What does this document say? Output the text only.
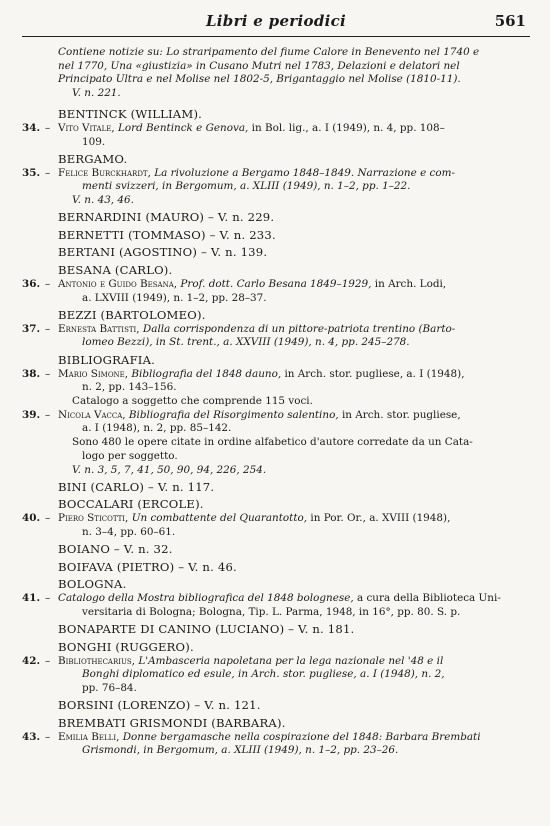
Libri e periodici	561
Contiene notizie su: Lo straripamento del fiume Calore in Benevento nel 1740 e
nel 1770, Una «giustizia» in Cusano Mutri nel 1783, Delazioni e delatori nel
Principato Ultra e nel Molise nel 1802-5, Brigantaggio nel Molise (1810-11).
V. n. 221.
BENTINCK (WILLIAM).
34. – Vito Vitale, Lord Bentinck e Genova, in Bol. lig., a. I (1949), n. 4, pp. 108–
109.
BERGAMO.
35. – Felice Burckhardt, La rivoluzione a Bergamo 1848–1849. Narrazione e com-
menti svizzeri, in Bergomum, a. XLIII (1949), n. 1–2, pp. 1–22.
V. n. 43, 46.
BERNARDINI (MAURO) – V. n. 229.
BERNETTI (TOMMASO) – V. n. 233.
BERTANI (AGOSTINO) – V. n. 139.
BESANA (CARLO).
36. – Antonio e Guido Besana, Prof. dott. Carlo Besana 1849–1929, in Arch. Lodi,
a. LXVIII (1949), n. 1–2, pp. 28–37.
BEZZI (BARTOLOMEO).
37. – Ernesta Battisti, Dalla corrispondenza di un pittore-patriota trentino (Barto-
lomeo Bezzi), in St. trent., a. XXVIII (1949), n. 4, pp. 245–278.
BIBLIOGRAFIA.
38. – Mario Simone, Bibliografia del 1848 dauno, in Arch. stor. pugliese, a. I (1948),
n. 2, pp. 143–156.
Catalogo a soggetto che comprende 115 voci.
39. – Nicola Vacca, Bibliografia del Risorgimento salentino, in Arch. stor. pugliese,
a. I (1948), n. 2, pp. 85–142.
Sono 480 le opere citate in ordine alfabetico d'autore corredate da un Cata-
logo per soggetto.
V. n. 3, 5, 7, 41, 50, 90, 94, 226, 254.
BINI (CARLO) – V. n. 117.
BOCCALARI (ERCOLE).
40. – Piero Sticotti, Un combattente del Quarantotto, in Por. Or., a. XVIII (1948),
n. 3–4, pp. 60–61.
BOIANO – V. n. 32.
BOIFAVA (PIETRO) – V. n. 46.
BOLOGNA.
41. – Catalogo della Mostra bibliografica del 1848 bolognese, a cura della Biblioteca Uni-
versitaria di Bologna; Bologna, Tip. L. Parma, 1948, in 16°, pp. 80. S. p.
BONAPARTE DI CANINO (LUCIANO) – V. n. 181.
BONGHI (RUGGERO).
42. – Bibliothecarius, L'Ambasceria napoletana per la lega nazionale nel '48 e il
Bonghi diplomatico ed esule, in Arch. stor. pugliese, a. I (1948), n. 2,
pp. 76–84.
BORSINI (LORENZO) – V. n. 121.
BREMBATI GRISMONDI (BARBARA).
43. – Emilia Belli, Donne bergamasche nella cospirazione del 1848: Barbara Brembati
Grismondi, in Bergomum, a. XLIII (1949), n. 1–2, pp. 23–26.
